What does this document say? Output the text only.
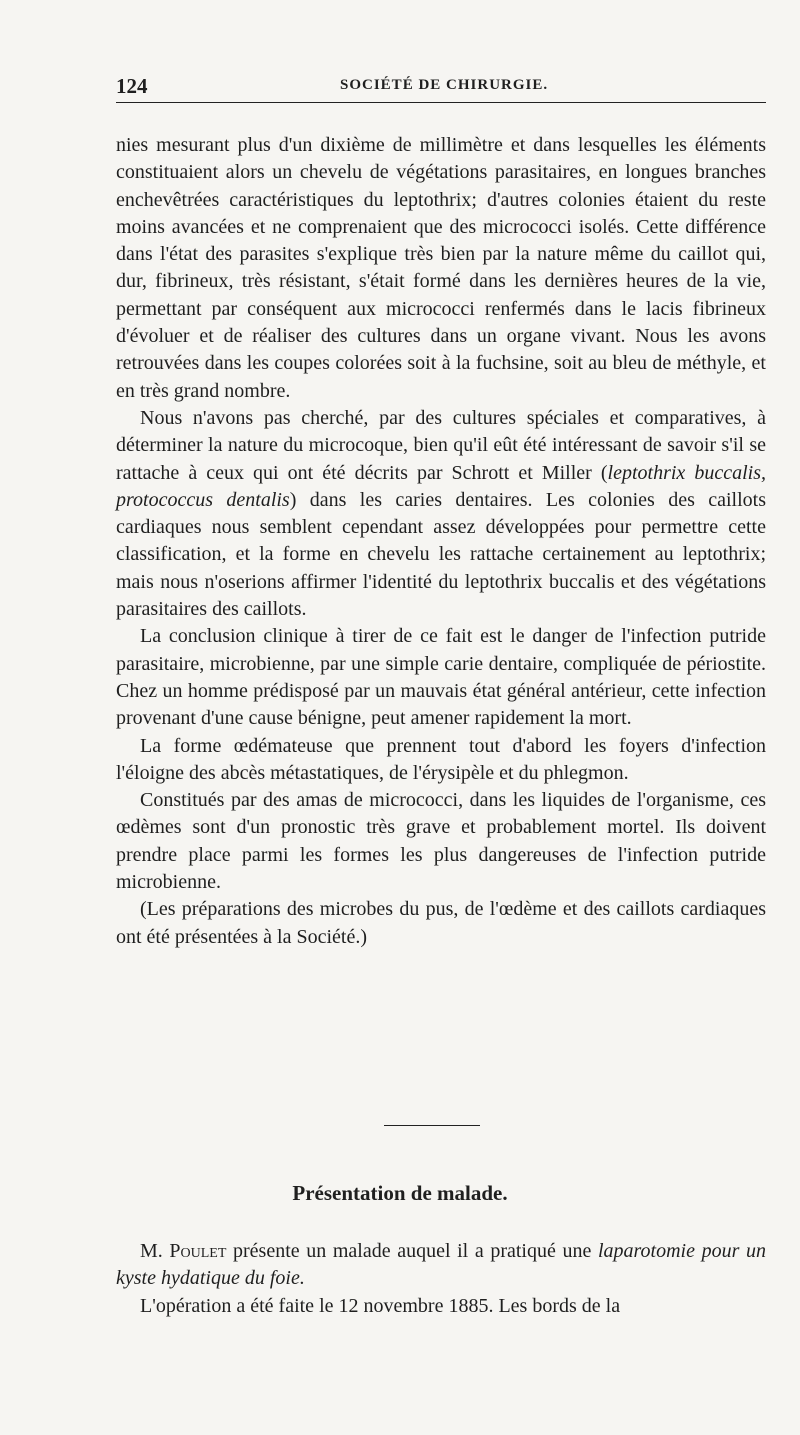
124	SOCIÉTÉ DE CHIRURGIE.

nies mesurant plus d'un dixième de millimètre et dans lesquelles les éléments constituaient alors un chevelu de végétations parasitaires, en longues branches enchevêtrées caractéristiques du leptothrix; d'autres colonies étaient du reste moins avancées et ne comprenaient que des micrococci isolés. Cette différence dans l'état des parasites s'explique très bien par la nature même du caillot qui, dur, fibrineux, très résistant, s'était formé dans les dernières heures de la vie, permettant par conséquent aux micrococci renfermés dans le lacis fibrineux d'évoluer et de réaliser des cultures dans un organe vivant. Nous les avons retrouvées dans les coupes colorées soit à la fuchsine, soit au bleu de méthyle, et en très grand nombre.

Nous n'avons pas cherché, par des cultures spéciales et comparatives, à déterminer la nature du microcoque, bien qu'il eût été intéressant de savoir s'il se rattache à ceux qui ont été décrits par Schrott et Miller (leptothrix buccalis, protococcus dentalis) dans les caries dentaires. Les colonies des caillots cardiaques nous semblent cependant assez développées pour permettre cette classification, et la forme en chevelu les rattache certainement au leptothrix; mais nous n'oserions affirmer l'identité du leptothrix buccalis et des végétations parasitaires des caillots.

La conclusion clinique à tirer de ce fait est le danger de l'infection putride parasitaire, microbienne, par une simple carie dentaire, compliquée de périostite. Chez un homme prédisposé par un mauvais état général antérieur, cette infection provenant d'une cause bénigne, peut amener rapidement la mort.

La forme œdémateuse que prennent tout d'abord les foyers d'infection l'éloigne des abcès métastatiques, de l'érysipèle et du phlegmon.

Constitués par des amas de micrococci, dans les liquides de l'organisme, ces œdèmes sont d'un pronostic très grave et probablement mortel. Ils doivent prendre place parmi les formes les plus dangereuses de l'infection putride microbienne.

(Les préparations des microbes du pus, de l'œdème et des caillots cardiaques ont été présentées à la Société.)

Présentation de malade.

M. Poulet présente un malade auquel il a pratiqué une laparotomie pour un kyste hydatique du foie.

L'opération a été faite le 12 novembre 1885. Les bords de la
